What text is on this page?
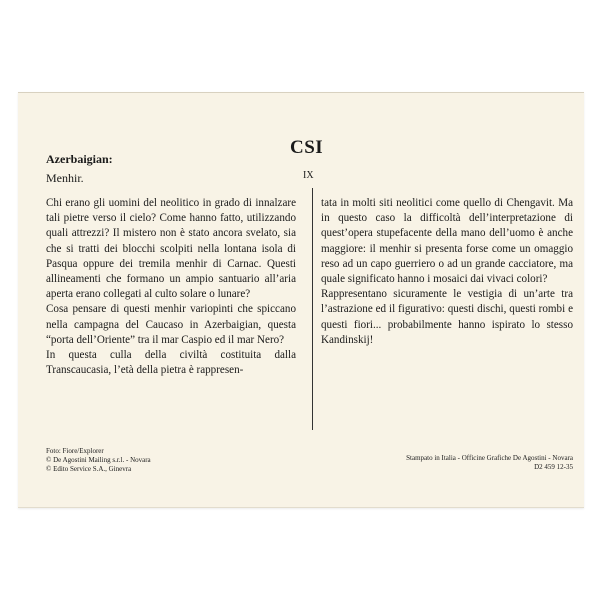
CSI
IX
Azerbaigian:
Menhir.

Chi erano gli uomini del neolitico in grado di innalzare tali pietre verso il cielo? Come hanno fatto, utilizzando quali attrezzi? Il mistero non è stato ancora svelato, sia che si tratti dei blocchi scolpiti nella lontana isola di Pasqua oppure dei tremila menhir di Carnac. Questi allineamenti che formano un ampio santuario all’aria aperta erano collegati al culto solare o lunare?

Cosa pensare di questi menhir variopinti che spiccano nella campagna del Caucaso in Azerbaigian, questa “porta dell’Oriente” tra il mar Caspio ed il mar Nero?

In questa culla della civiltà costituita dalla Transcaucasia, l’età della pietra è rappresen-

tata in molti siti neolitici come quello di Chengavit. Ma in questo caso la difficoltà dell’interpretazione di quest’opera stupefacente della mano dell’uomo è anche maggiore: il menhir si presenta forse come un omaggio reso ad un capo guerriero o ad un grande cacciatore, ma quale significato hanno i mosaici dai vivaci colori?

Rappresentano sicuramente le vestigia di un’arte tra l’astrazione ed il figurativo: questi dischi, questi rombi e questi fiori... probabilmente hanno ispirato lo stesso Kandinskij!

Foto: Fiore/Explorer
© De Agostini Mailing s.r.l. - Novara
© Edito Service S.A., Ginevra
Stampato in Italia - Officine Grafiche De Agostini - Novara
D2 459 12-35
